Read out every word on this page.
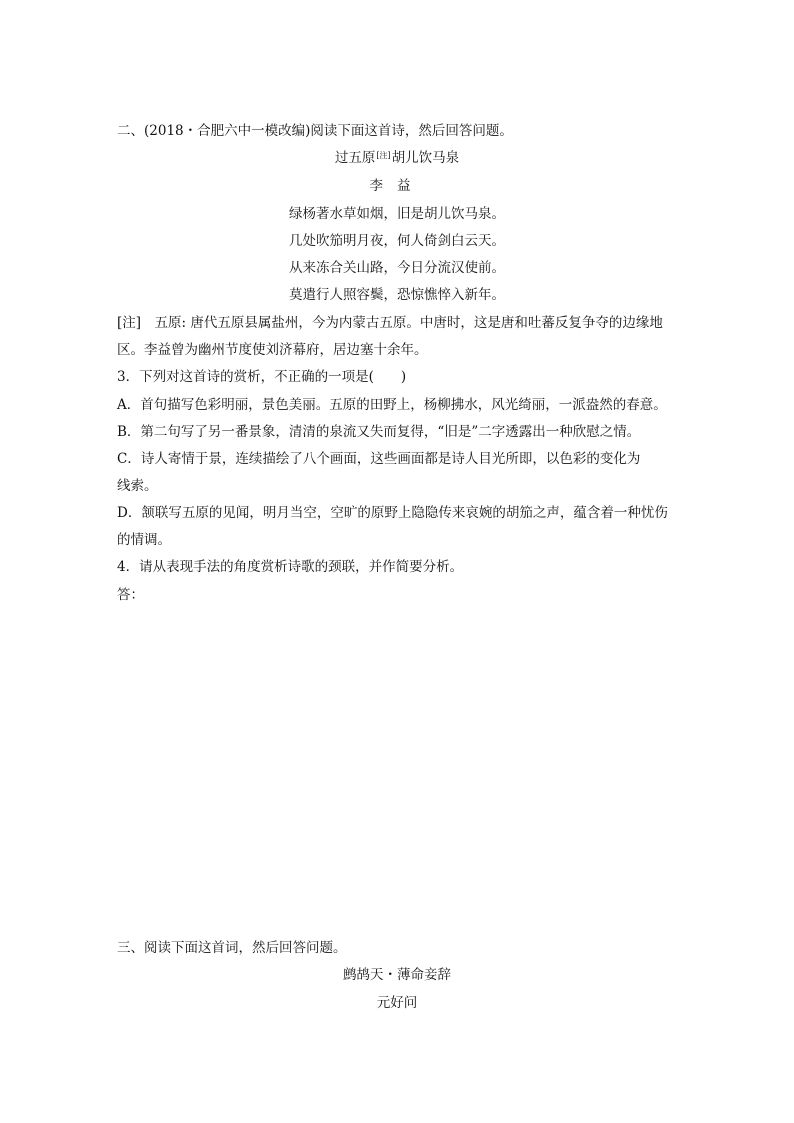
二、(2018・合肥六中一模改编)阅读下面这首诗，然后回答问题。
过五原[注]胡儿饮马泉
李益
绿杨著水草如烟，旧是胡儿饮马泉。
几处吹笳明月夜，何人倚剑白云天。
从来冻合关山路，今日分流汉使前。
莫遣行人照容鬓，恐惊憔悴入新年。
[注]　五原: 唐代五原县属盐州，今为内蒙古五原。中唐时，这是唐和吐蕃反复争夺的边缘地
区。李益曾为幽州节度使刘济幕府，居边塞十余年。
3．下列对这首诗的赏析，不正确的一项是(　　)
A．首句描写色彩明丽，景色美丽。五原的田野上，杨柳拂水，风光绮丽，一派盎然的春意。
B．第二句写了另一番景象，清清的泉流又失而复得，“旧是”二字透露出一种欣慰之情。
C．诗人寄情于景，连续描绘了八个画面，这些画面都是诗人目光所即，以色彩的变化为
线索。
D．颔联写五原的见闻，明月当空，空旷的原野上隐隐传来哀婉的胡笳之声，蕴含着一种忧伤
的情调。
4．请从表现手法的角度赏析诗歌的颈联，并作简要分析。
答：
三、阅读下面这首词，然后回答问题。
鹧鸪天・薄命妾辞
元好问
